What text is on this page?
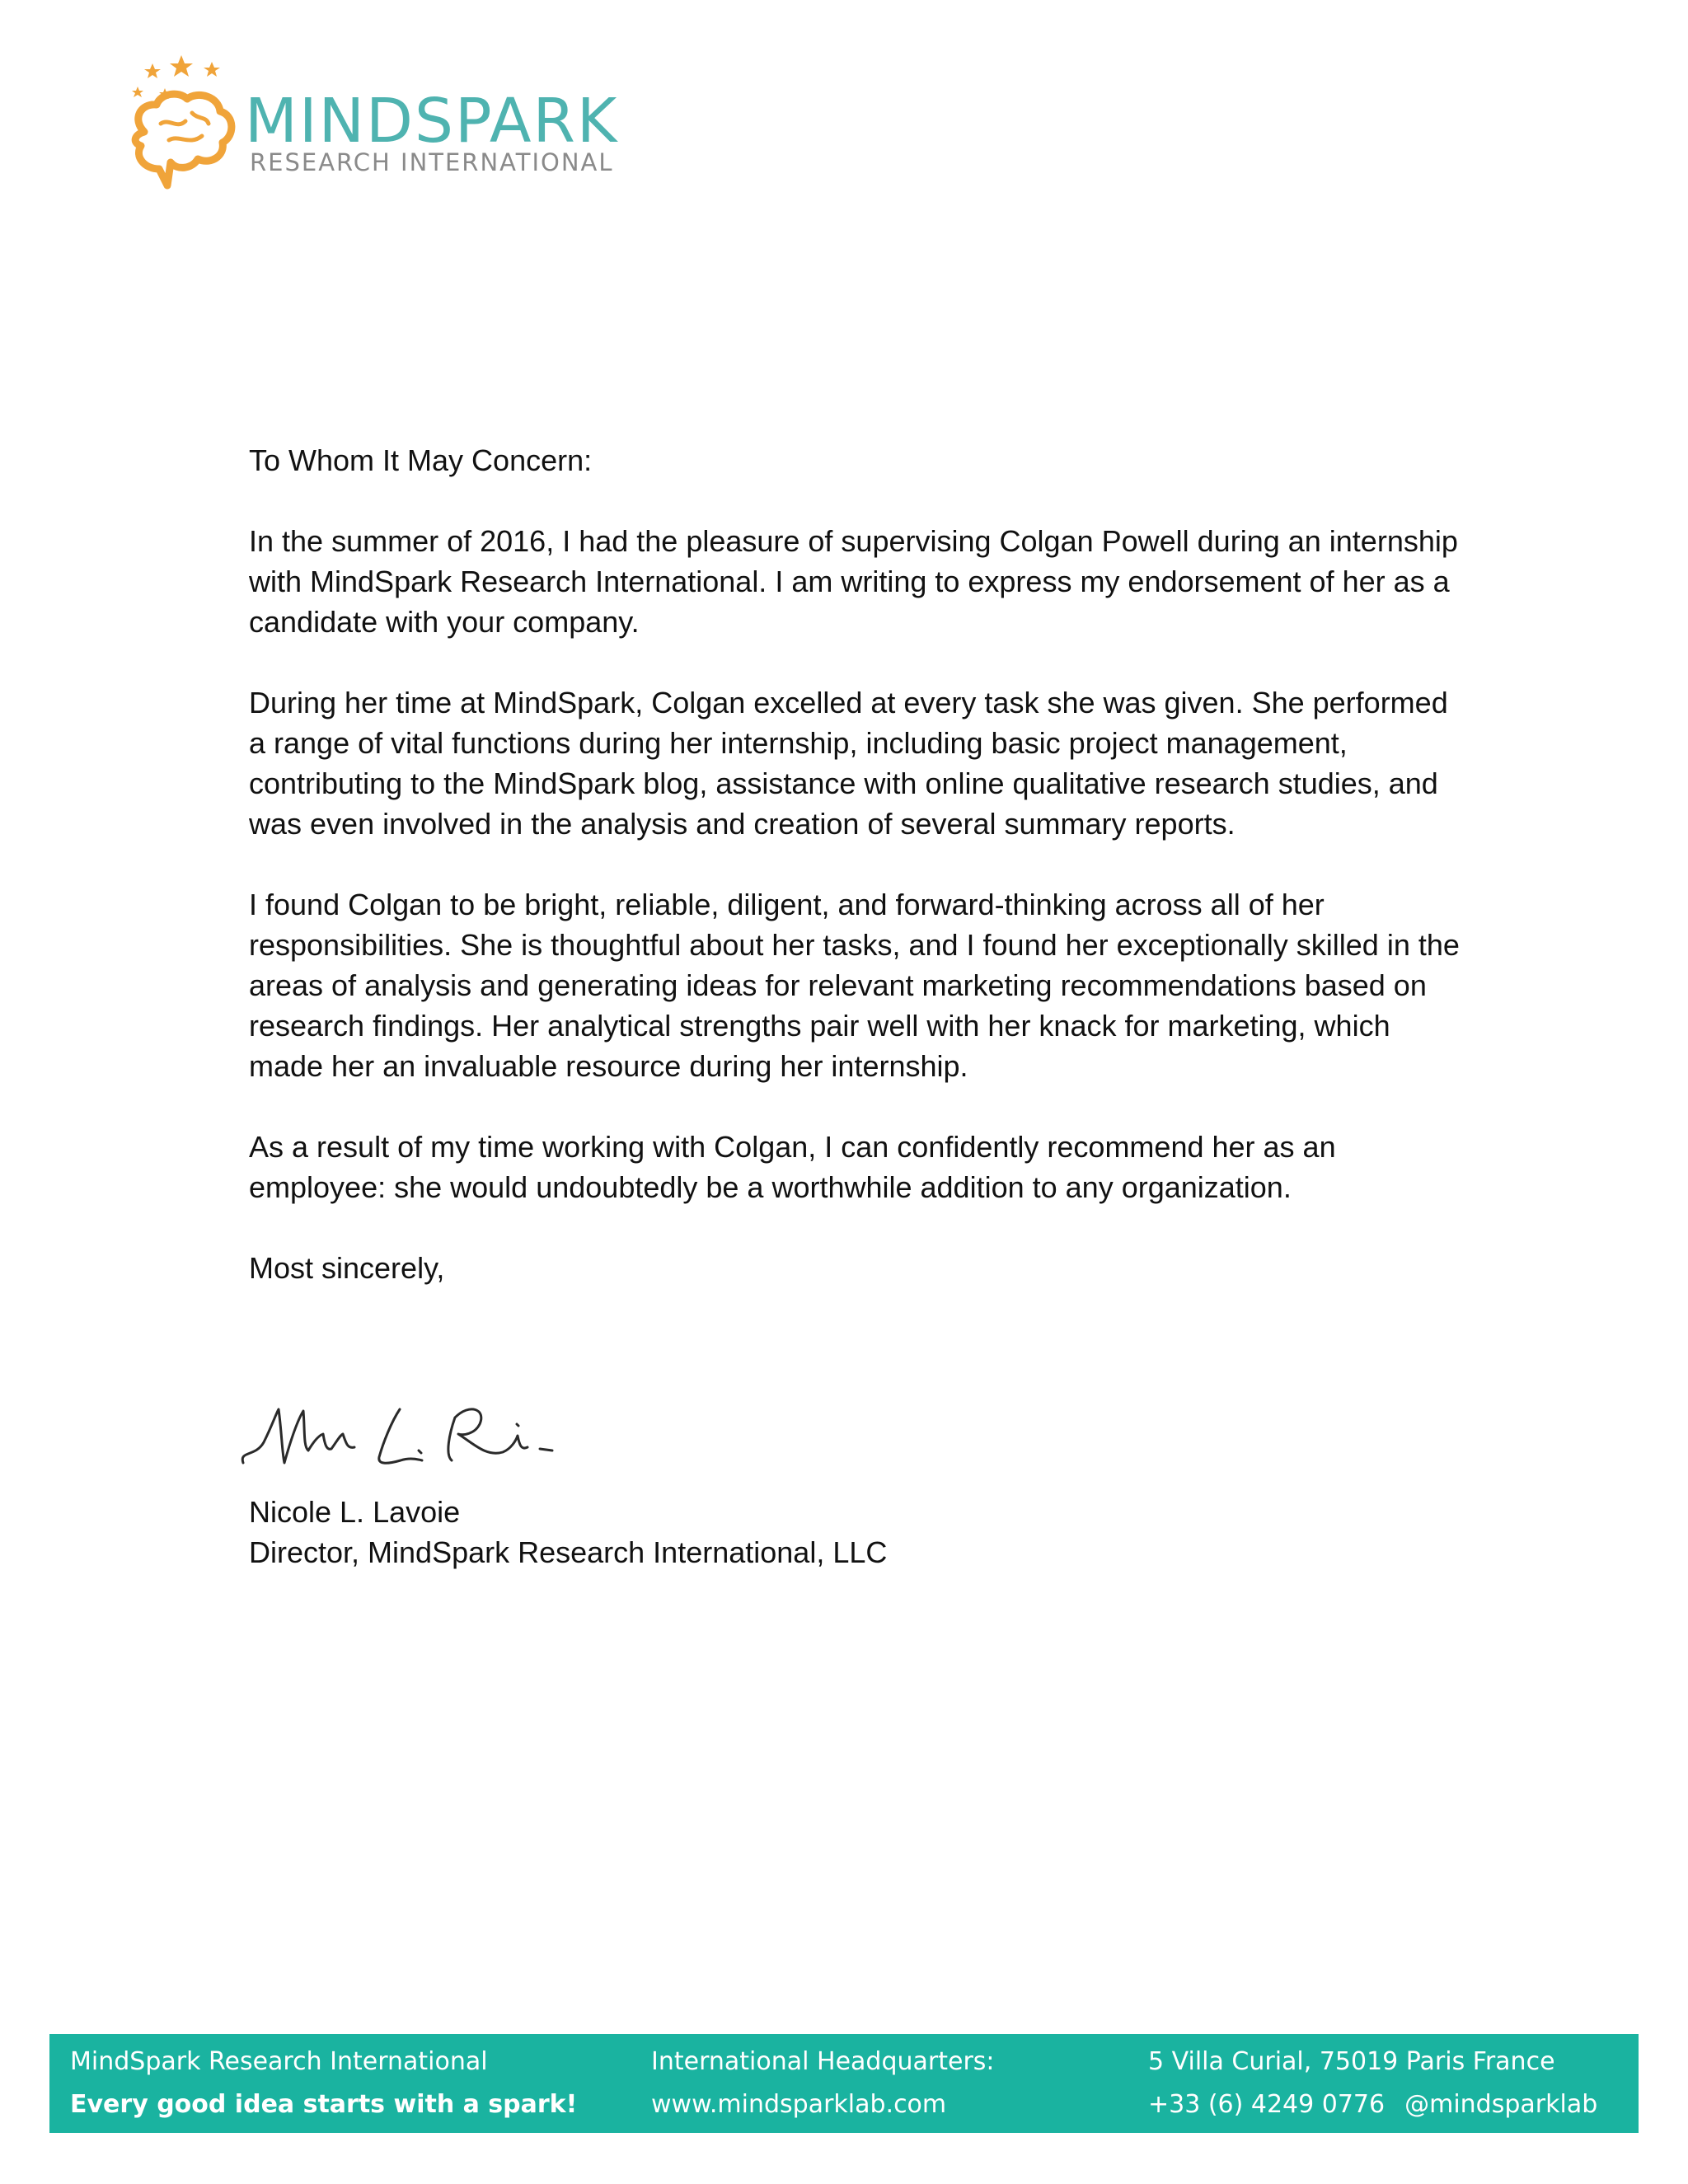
MINDSPARK
RESEARCH INTERNATIONAL

To Whom It May Concern:

In the summer of 2016, I had the pleasure of supervising Colgan Powell during an internship with MindSpark Research International. I am writing to express my endorsement of her as a candidate with your company.

During her time at MindSpark, Colgan excelled at every task she was given. She performed a range of vital functions during her internship, including basic project management, contributing to the MindSpark blog, assistance with online qualitative research studies, and was even involved in the analysis and creation of several summary reports.

I found Colgan to be bright, reliable, diligent, and forward-thinking across all of her responsibilities. She is thoughtful about her tasks, and I found her exceptionally skilled in the areas of analysis and generating ideas for relevant marketing recommendations based on research findings. Her analytical strengths pair well with her knack for marketing, which made her an invaluable resource during her internship.

As a result of my time working with Colgan, I can confidently recommend her as an employee: she would undoubtedly be a worthwhile addition to any organization.

Most sincerely,

Nicole L. Lavoie
Director, MindSpark Research International, LLC
MindSpark Research International
Every good idea starts with a spark!
International Headquarters:
www.mindsparklab.com
5 Villa Curial, 75019 Paris France
+33 (6) 4249 0776 @mindsparklab
